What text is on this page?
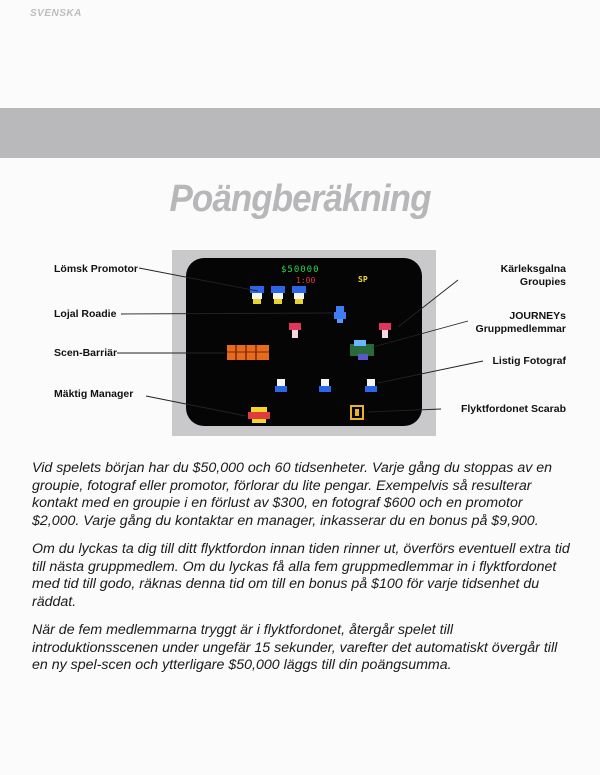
SVENSKA
Poängberäkning
$50000
1:00	SP
Lömsk Promotor
Lojal Roadie
Scen-Barriär
Mäktig Manager
Kärleksgalna
Groupies
JOURNEYs
Gruppmedlemmar
Listig Fotograf
Flyktfordonet Scarab

Vid spelets början har du $50,000 och 60 tidsenheter. Varje gång du stoppas av en groupie, fotograf eller promotor, förlorar du lite pengar. Exempelvis så resulterar kontakt med en groupie i en förlust av $300, en fotograf $600 och en promotor $2,000. Varje gång du kontaktar en manager, inkasserar du en bonus på $9,900.

Om du lyckas ta dig till ditt flyktfordon innan tiden rinner ut, överförs eventuell extra tid till nästa gruppmedlem. Om du lyckas få alla fem gruppmedlemmar in i flyktfordonet med tid till godo, räknas denna tid om till en bonus på $100 för varje tidsenhet du räddat.

När de fem medlemmarna tryggt är i flyktfordonet, återgår spelet till introduktionsscenen under ungefär 15 sekunder, varefter det automatiskt övergår till en ny spel-scen och ytterligare $50,000 läggs till din poängsumma.
